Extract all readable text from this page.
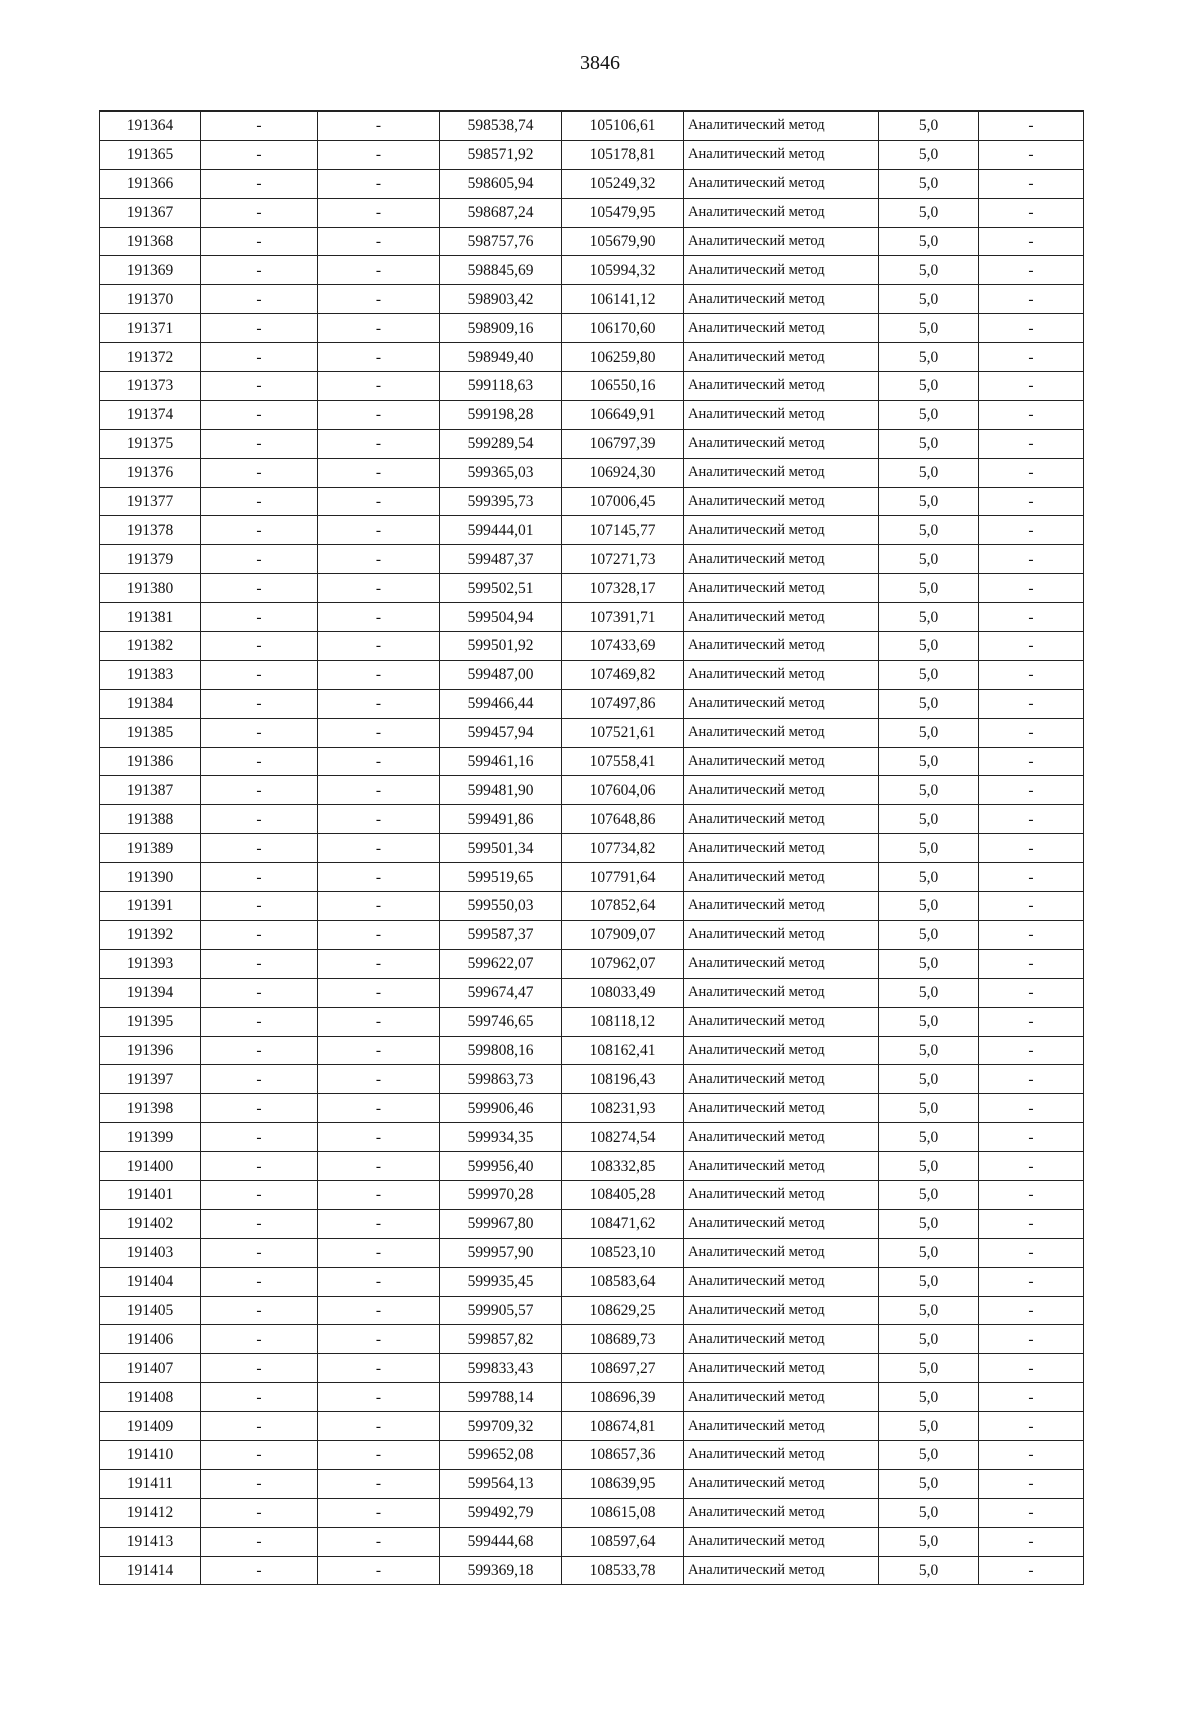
3846
191364	-	-	598538,74	105106,61	Аналитический метод	5,0	-
191365	-	-	598571,92	105178,81	Аналитический метод	5,0	-
191366	-	-	598605,94	105249,32	Аналитический метод	5,0	-
191367	-	-	598687,24	105479,95	Аналитический метод	5,0	-
191368	-	-	598757,76	105679,90	Аналитический метод	5,0	-
191369	-	-	598845,69	105994,32	Аналитический метод	5,0	-
191370	-	-	598903,42	106141,12	Аналитический метод	5,0	-
191371	-	-	598909,16	106170,60	Аналитический метод	5,0	-
191372	-	-	598949,40	106259,80	Аналитический метод	5,0	-
191373	-	-	599118,63	106550,16	Аналитический метод	5,0	-
191374	-	-	599198,28	106649,91	Аналитический метод	5,0	-
191375	-	-	599289,54	106797,39	Аналитический метод	5,0	-
191376	-	-	599365,03	106924,30	Аналитический метод	5,0	-
191377	-	-	599395,73	107006,45	Аналитический метод	5,0	-
191378	-	-	599444,01	107145,77	Аналитический метод	5,0	-
191379	-	-	599487,37	107271,73	Аналитический метод	5,0	-
191380	-	-	599502,51	107328,17	Аналитический метод	5,0	-
191381	-	-	599504,94	107391,71	Аналитический метод	5,0	-
191382	-	-	599501,92	107433,69	Аналитический метод	5,0	-
191383	-	-	599487,00	107469,82	Аналитический метод	5,0	-
191384	-	-	599466,44	107497,86	Аналитический метод	5,0	-
191385	-	-	599457,94	107521,61	Аналитический метод	5,0	-
191386	-	-	599461,16	107558,41	Аналитический метод	5,0	-
191387	-	-	599481,90	107604,06	Аналитический метод	5,0	-
191388	-	-	599491,86	107648,86	Аналитический метод	5,0	-
191389	-	-	599501,34	107734,82	Аналитический метод	5,0	-
191390	-	-	599519,65	107791,64	Аналитический метод	5,0	-
191391	-	-	599550,03	107852,64	Аналитический метод	5,0	-
191392	-	-	599587,37	107909,07	Аналитический метод	5,0	-
191393	-	-	599622,07	107962,07	Аналитический метод	5,0	-
191394	-	-	599674,47	108033,49	Аналитический метод	5,0	-
191395	-	-	599746,65	108118,12	Аналитический метод	5,0	-
191396	-	-	599808,16	108162,41	Аналитический метод	5,0	-
191397	-	-	599863,73	108196,43	Аналитический метод	5,0	-
191398	-	-	599906,46	108231,93	Аналитический метод	5,0	-
191399	-	-	599934,35	108274,54	Аналитический метод	5,0	-
191400	-	-	599956,40	108332,85	Аналитический метод	5,0	-
191401	-	-	599970,28	108405,28	Аналитический метод	5,0	-
191402	-	-	599967,80	108471,62	Аналитический метод	5,0	-
191403	-	-	599957,90	108523,10	Аналитический метод	5,0	-
191404	-	-	599935,45	108583,64	Аналитический метод	5,0	-
191405	-	-	599905,57	108629,25	Аналитический метод	5,0	-
191406	-	-	599857,82	108689,73	Аналитический метод	5,0	-
191407	-	-	599833,43	108697,27	Аналитический метод	5,0	-
191408	-	-	599788,14	108696,39	Аналитический метод	5,0	-
191409	-	-	599709,32	108674,81	Аналитический метод	5,0	-
191410	-	-	599652,08	108657,36	Аналитический метод	5,0	-
191411	-	-	599564,13	108639,95	Аналитический метод	5,0	-
191412	-	-	599492,79	108615,08	Аналитический метод	5,0	-
191413	-	-	599444,68	108597,64	Аналитический метод	5,0	-
191414	-	-	599369,18	108533,78	Аналитический метод	5,0	-
